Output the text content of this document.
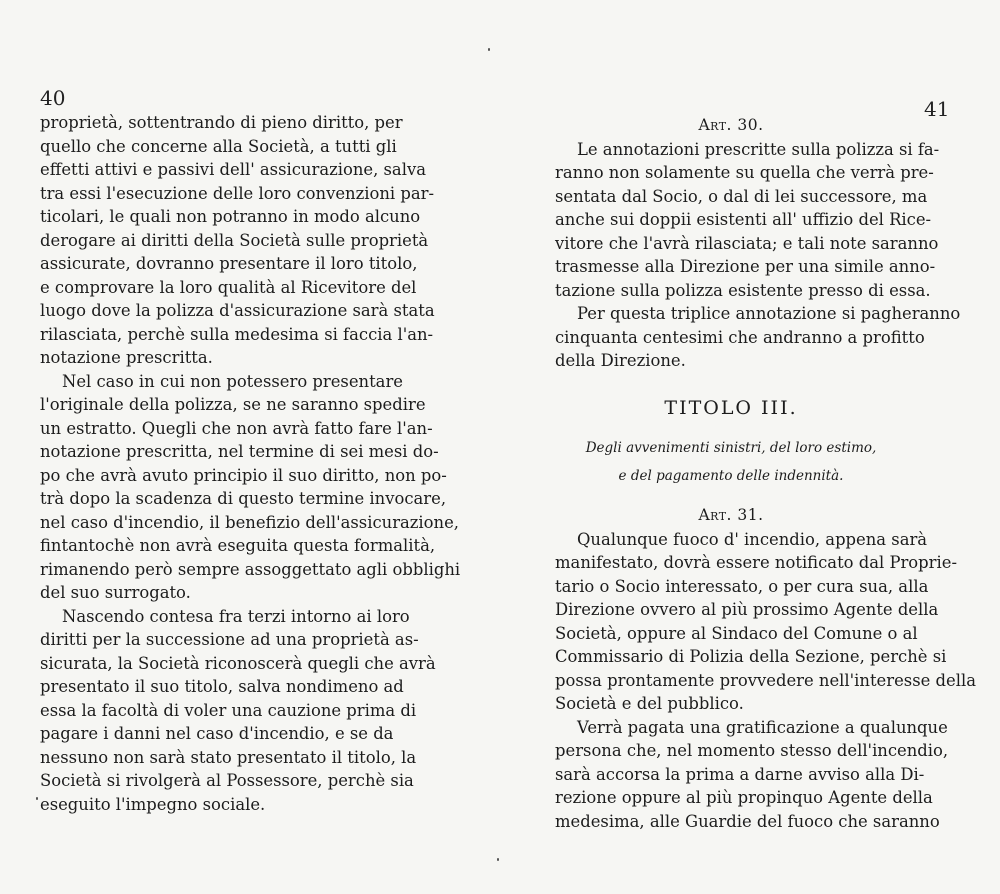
40
proprietà, sottentrando di pieno diritto, per
quello che concerne alla Società, a tutti gli
effetti attivi e passivi dell' assicurazione, salva
tra essi l'esecuzione delle loro convenzioni par-
ticolari, le quali non potranno in modo alcuno
derogare ai diritti della Società sulle proprietà
assicurate, dovranno presentare il loro titolo,
e comprovare la loro qualità al Ricevitore del
luogo dove la polizza d'assicurazione sarà stata
rilasciata, perchè sulla medesima si faccia l'an-
notazione prescritta.
Nel caso in cui non potessero presentare
l'originale della polizza, se ne saranno spedire
un estratto. Quegli che non avrà fatto fare l'an-
notazione prescritta, nel termine di sei mesi do-
po che avrà avuto principio il suo diritto, non po-
trà dopo la scadenza di questo termine invocare,
nel caso d'incendio, il benefizio dell'assicurazione,
fintantochè non avrà eseguita questa formalità,
rimanendo però sempre assoggettato agli obblighi
del suo surrogato.
Nascendo contesa fra terzi intorno ai loro
diritti per la successione ad una proprietà as-
sicurata, la Società riconoscerà quegli che avrà
presentato il suo titolo, salva nondimeno ad
essa la facoltà di voler una cauzione prima di
pagare i danni nel caso d'incendio, e se da
nessuno non sarà stato presentato il titolo, la
Società si rivolgerà al Possessore, perchè sia
eseguito l'impegno sociale.
41
Art. 30.
Le annotazioni prescritte sulla polizza si fa-
ranno non solamente su quella che verrà pre-
sentata dal Socio, o dal di lei successore, ma
anche sui doppii esistenti all' uffizio del Rice-
vitore che l'avrà rilasciata; e tali note saranno
trasmesse alla Direzione per una simile anno-
tazione sulla polizza esistente presso di essa.
Per questa triplice annotazione si pagheranno
cinquanta centesimi che andranno a profitto
della Direzione.
TITOLO III.
Degli avvenimenti sinistri, del loro estimo,
e del pagamento delle indennità.
Art. 31.
Qualunque fuoco d' incendio, appena sarà
manifestato, dovrà essere notificato dal Proprie-
tario o Socio interessato, o per cura sua, alla
Direzione ovvero al più prossimo Agente della
Società, oppure al Sindaco del Comune o al
Commissario di Polizia della Sezione, perchè si
possa prontamente provvedere nell'interesse della
Società e del pubblico.
Verrà pagata una gratificazione a qualunque
persona che, nel momento stesso dell'incendio,
sarà accorsa la prima a darne avviso alla Di-
rezione oppure al più propinquo Agente della
medesima, alle Guardie del fuoco che saranno
